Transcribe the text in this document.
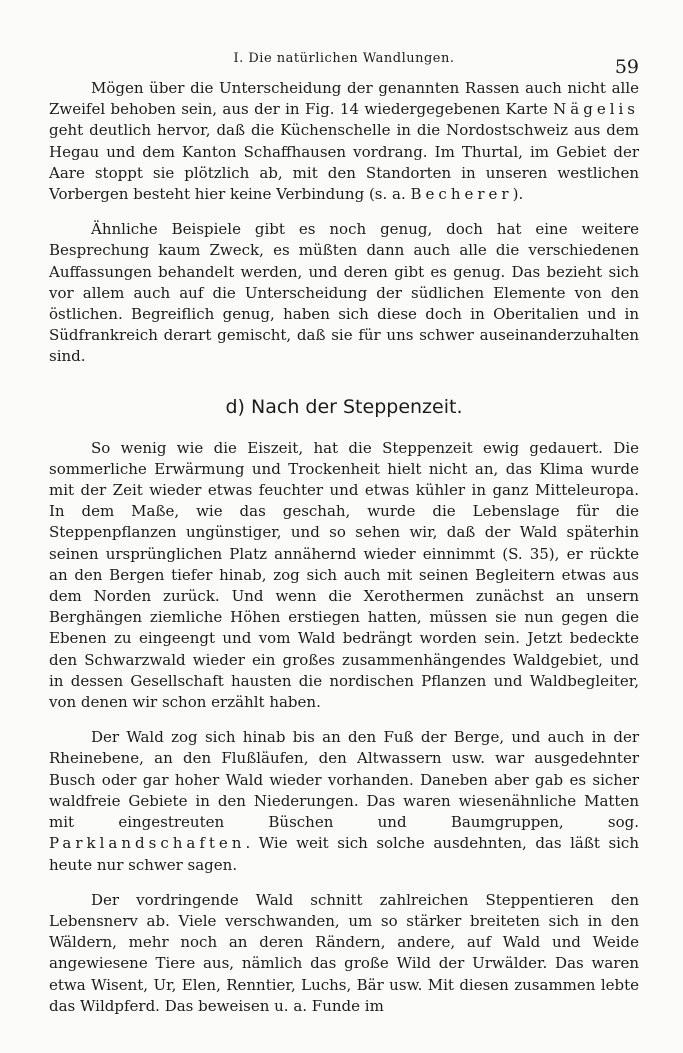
I. Die natürlichen Wandlungen.	59

Mögen über die Unterscheidung der genannten Rassen auch nicht alle Zweifel behoben sein, aus der in Fig. 14 wiedergegebenen Karte Nägelis geht deutlich hervor, daß die Küchenschelle in die Nordostschweiz aus dem Hegau und dem Kanton Schaffhausen vordrang. Im Thurtal, im Gebiet der Aare stoppt sie plötzlich ab, mit den Standorten in unseren westlichen Vorbergen besteht hier keine Verbindung (s. a. Becherer).

Ähnliche Beispiele gibt es noch genug, doch hat eine weitere Besprechung kaum Zweck, es müßten dann auch alle die verschiedenen Auffassungen behandelt werden, und deren gibt es genug. Das bezieht sich vor allem auch auf die Unterscheidung der südlichen Elemente von den östlichen. Begreiflich genug, haben sich diese doch in Oberitalien und in Südfrankreich derart gemischt, daß sie für uns schwer auseinanderzuhalten sind.

d) Nach der Steppenzeit.

So wenig wie die Eiszeit, hat die Steppenzeit ewig gedauert. Die sommerliche Erwärmung und Trockenheit hielt nicht an, das Klima wurde mit der Zeit wieder etwas feuchter und etwas kühler in ganz Mitteleuropa. In dem Maße, wie das geschah, wurde die Lebenslage für die Steppenpflanzen ungünstiger, und so sehen wir, daß der Wald späterhin seinen ursprünglichen Platz annähernd wieder einnimmt (S. 35), er rückte an den Bergen tiefer hinab, zog sich auch mit seinen Begleitern etwas aus dem Norden zurück. Und wenn die Xerothermen zunächst an unsern Berghängen ziemliche Höhen erstiegen hatten, müssen sie nun gegen die Ebenen zu eingeengt und vom Wald bedrängt worden sein. Jetzt bedeckte den Schwarzwald wieder ein großes zusammenhängendes Waldgebiet, und in dessen Gesellschaft hausten die nordischen Pflanzen und Waldbegleiter, von denen wir schon erzählt haben.

Der Wald zog sich hinab bis an den Fuß der Berge, und auch in der Rheinebene, an den Flußläufen, den Altwassern usw. war ausgedehnter Busch oder gar hoher Wald wieder vorhanden. Daneben aber gab es sicher waldfreie Gebiete in den Niederungen. Das waren wiesenähnliche Matten mit eingestreuten Büschen und Baumgruppen, sog. Parklandschaften. Wie weit sich solche ausdehnten, das läßt sich heute nur schwer sagen.

Der vordringende Wald schnitt zahlreichen Steppentieren den Lebensnerv ab. Viele verschwanden, um so stärker breiteten sich in den Wäldern, mehr noch an deren Rändern, andere, auf Wald und Weide angewiesene Tiere aus, nämlich das große Wild der Urwälder. Das waren etwa Wisent, Ur, Elen, Renntier, Luchs, Bär usw. Mit diesen zusammen lebte das Wildpferd. Das beweisen u. a. Funde im
